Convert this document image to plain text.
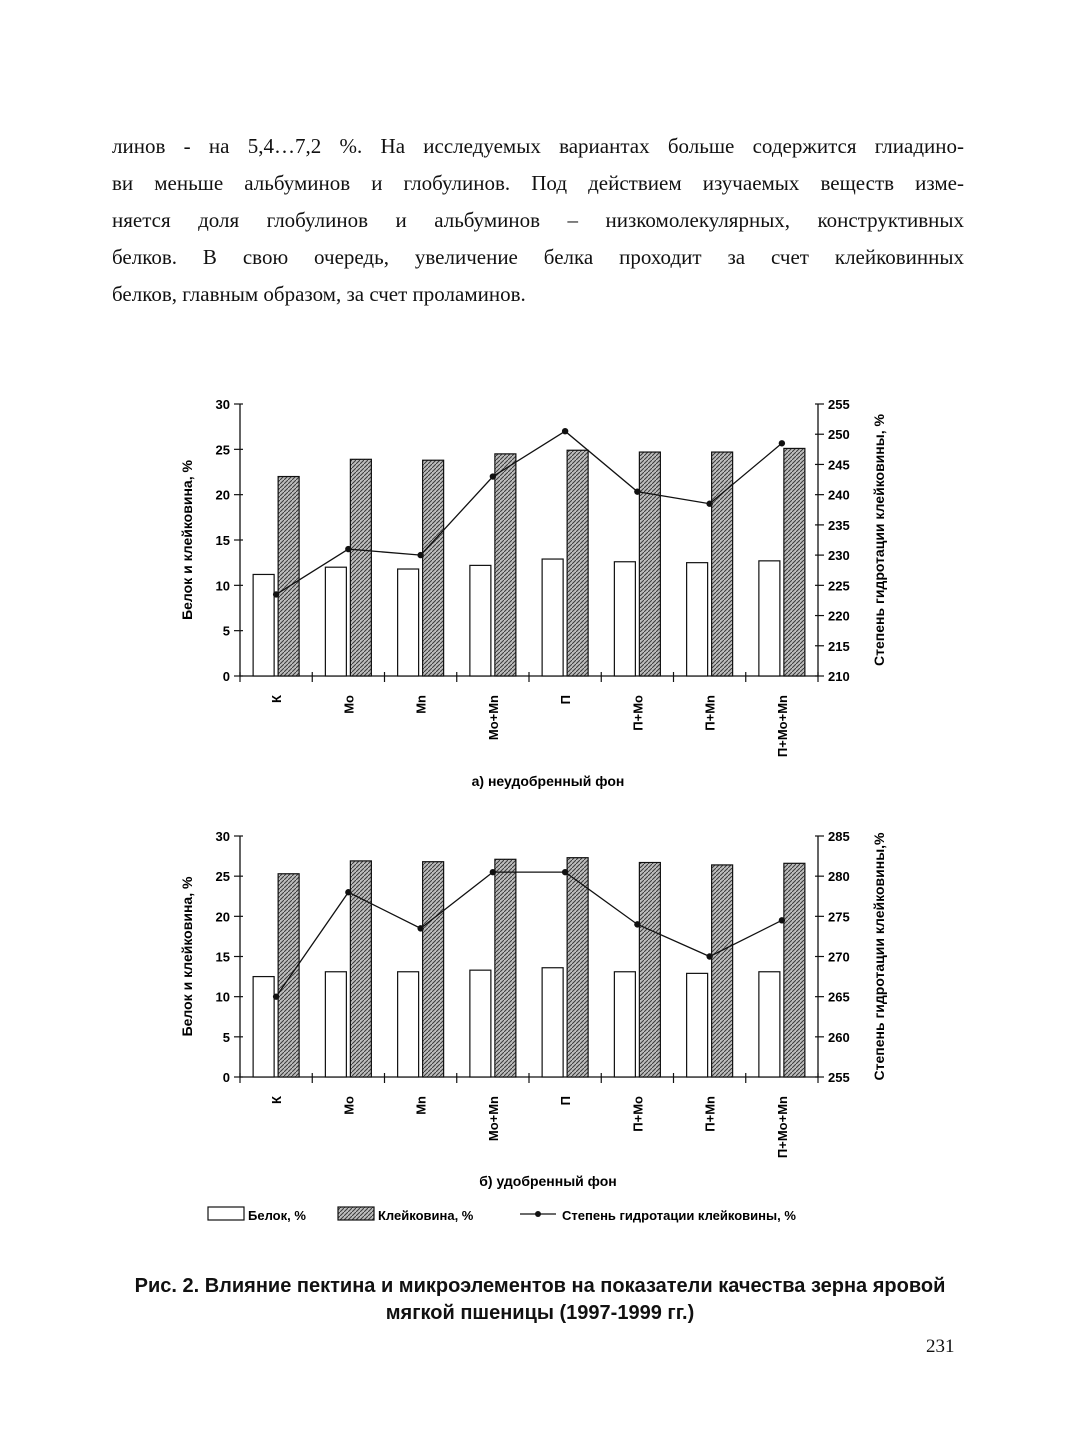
линов - на 5,4…7,2 %. На исследуемых вариантах больше содержится глиадино-
ви меньше альбуминов и глобулинов. Под действием изучаемых веществ изме-
няется доля глобулинов и альбуминов – низкомолекулярных, конструктивных
белков. В свою очередь, увеличение белка проходит за счет клейковинных
белков, главным образом, за счет проламинов.
0
5
10
15
20
25
30
210
215
220
225
230
235
240
245
250
255
К	Mo	Mn	Mo+Mn	П	П+Mo	П+Mn	П+Mo+Mn
Белок и клейковина, %	Степень гидротации клейковины, %
а) неудобренный фон
0
5
10
15
20
25
30
255
260
265
270
275
280
285
К	Mo	Mn	Mo+Mn	П	П+Mo	П+Mn	П+Mo+Mn
Белок и клейковина, %	Степень гидротации клейковины,%
б) удобренный фон
Белок, %	Клейковина, %	Степень гидротации клейковины, %
Рис. 2. Влияние пектина и микроэлементов на показатели качества зерна яровой
мягкой пшеницы (1997-1999 гг.)
231
